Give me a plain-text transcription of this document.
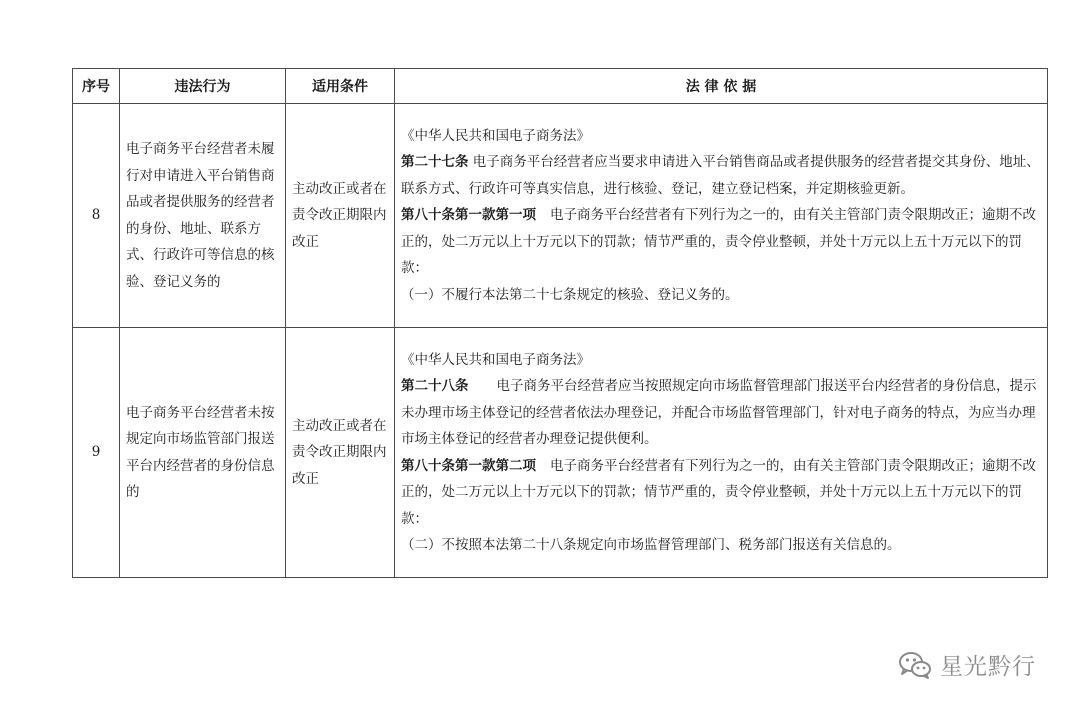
序号	违法行为	适用条件	法 律 依 据
8	电子商务平台经营者未履行对申请进入平台销售商品或者提供服务的经营者的身份、地址、联系方式、行政许可等信息的核验、登记义务的	主动改正或者在责令改正期限内改正	《中华人民共和国电子商务法》
第二十七条 电子商务平台经营者应当要求申请进入平台销售商品或者提供服务的经营者提交其身份、地址、联系方式、行政许可等真实信息，进行核验、登记，建立登记档案，并定期核验更新。
第八十条第一款第一项 电子商务平台经营者有下列行为之一的，由有关主管部门责令限期改正；逾期不改正的，处二万元以上十万元以下的罚款；情节严重的，责令停业整顿，并处十万元以上五十万元以下的罚款：
（一）不履行本法第二十七条规定的核验、登记义务的。

9	电子商务平台经营者未按规定向市场监管部门报送平台内经营者的身份信息的	主动改正或者在责令改正期限内改正	《中华人民共和国电子商务法》
第二十八条 电子商务平台经营者应当按照规定向市场监督管理部门报送平台内经营者的身份信息，提示未办理市场主体登记的经营者依法办理登记，并配合市场监督管理部门，针对电子商务的特点，为应当办理市场主体登记的经营者办理登记提供便利。
第八十条第一款第二项 电子商务平台经营者有下列行为之一的，由有关主管部门责令限期改正；逾期不改正的，处二万元以上十万元以下的罚款；情节严重的，责令停业整顿，并处十万元以上五十万元以下的罚款：
（二）不按照本法第二十八条规定向市场监督管理部门、税务部门报送有关信息的。
星光黔行
